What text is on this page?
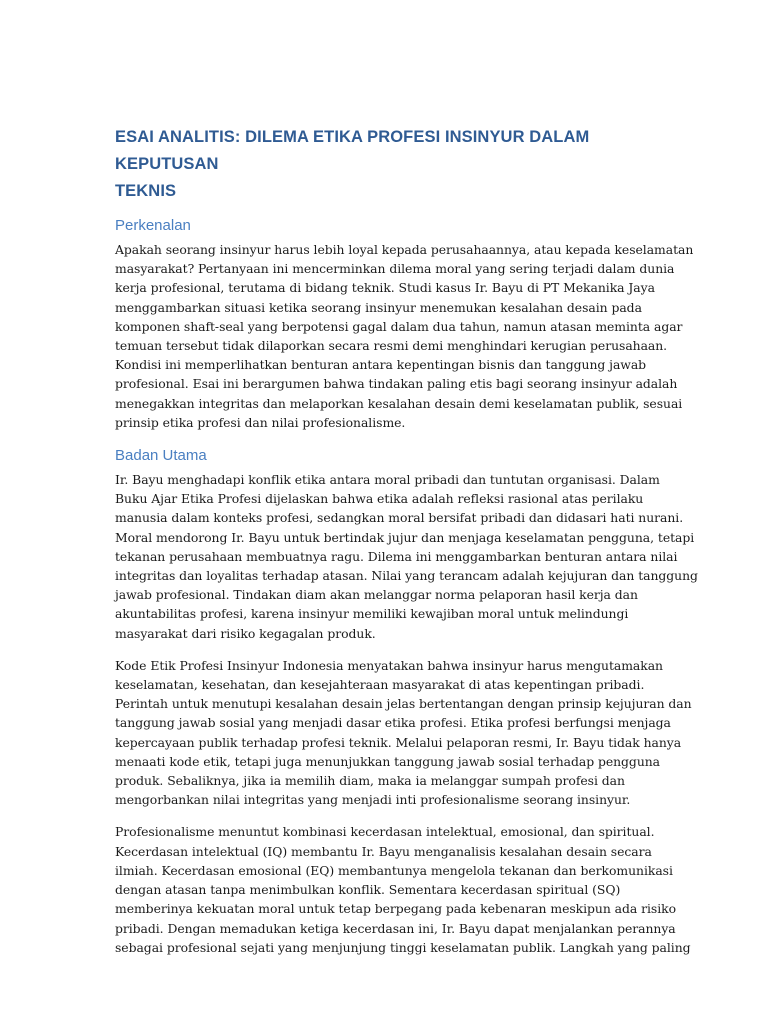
ESAI ANALITIS: DILEMA ETIKA PROFESI INSINYUR DALAM KEPUTUSAN
TEKNIS
Perkenalan

Apakah seorang insinyur harus lebih loyal kepada perusahaannya, atau kepada keselamatan
masyarakat? Pertanyaan ini mencerminkan dilema moral yang sering terjadi dalam dunia
kerja profesional, terutama di bidang teknik. Studi kasus Ir. Bayu di PT Mekanika Jaya
menggambarkan situasi ketika seorang insinyur menemukan kesalahan desain pada
komponen shaft-seal yang berpotensi gagal dalam dua tahun, namun atasan meminta agar
temuan tersebut tidak dilaporkan secara resmi demi menghindari kerugian perusahaan.
Kondisi ini memperlihatkan benturan antara kepentingan bisnis dan tanggung jawab
profesional. Esai ini berargumen bahwa tindakan paling etis bagi seorang insinyur adalah
menegakkan integritas dan melaporkan kesalahan desain demi keselamatan publik, sesuai
prinsip etika profesi dan nilai profesionalisme.

Badan Utama

Ir. Bayu menghadapi konflik etika antara moral pribadi dan tuntutan organisasi. Dalam
Buku Ajar Etika Profesi dijelaskan bahwa etika adalah refleksi rasional atas perilaku
manusia dalam konteks profesi, sedangkan moral bersifat pribadi dan didasari hati nurani.
Moral mendorong Ir. Bayu untuk bertindak jujur dan menjaga keselamatan pengguna, tetapi
tekanan perusahaan membuatnya ragu. Dilema ini menggambarkan benturan antara nilai
integritas dan loyalitas terhadap atasan. Nilai yang terancam adalah kejujuran dan tanggung
jawab profesional. Tindakan diam akan melanggar norma pelaporan hasil kerja dan
akuntabilitas profesi, karena insinyur memiliki kewajiban moral untuk melindungi
masyarakat dari risiko kegagalan produk.

Kode Etik Profesi Insinyur Indonesia menyatakan bahwa insinyur harus mengutamakan
keselamatan, kesehatan, dan kesejahteraan masyarakat di atas kepentingan pribadi.
Perintah untuk menutupi kesalahan desain jelas bertentangan dengan prinsip kejujuran dan
tanggung jawab sosial yang menjadi dasar etika profesi. Etika profesi berfungsi menjaga
kepercayaan publik terhadap profesi teknik. Melalui pelaporan resmi, Ir. Bayu tidak hanya
menaati kode etik, tetapi juga menunjukkan tanggung jawab sosial terhadap pengguna
produk. Sebaliknya, jika ia memilih diam, maka ia melanggar sumpah profesi dan
mengorbankan nilai integritas yang menjadi inti profesionalisme seorang insinyur.

Profesionalisme menuntut kombinasi kecerdasan intelektual, emosional, dan spiritual.
Kecerdasan intelektual (IQ) membantu Ir. Bayu menganalisis kesalahan desain secara
ilmiah. Kecerdasan emosional (EQ) membantunya mengelola tekanan dan berkomunikasi
dengan atasan tanpa menimbulkan konflik. Sementara kecerdasan spiritual (SQ)
memberinya kekuatan moral untuk tetap berpegang pada kebenaran meskipun ada risiko
pribadi. Dengan memadukan ketiga kecerdasan ini, Ir. Bayu dapat menjalankan perannya
sebagai profesional sejati yang menjunjung tinggi keselamatan publik. Langkah yang paling
